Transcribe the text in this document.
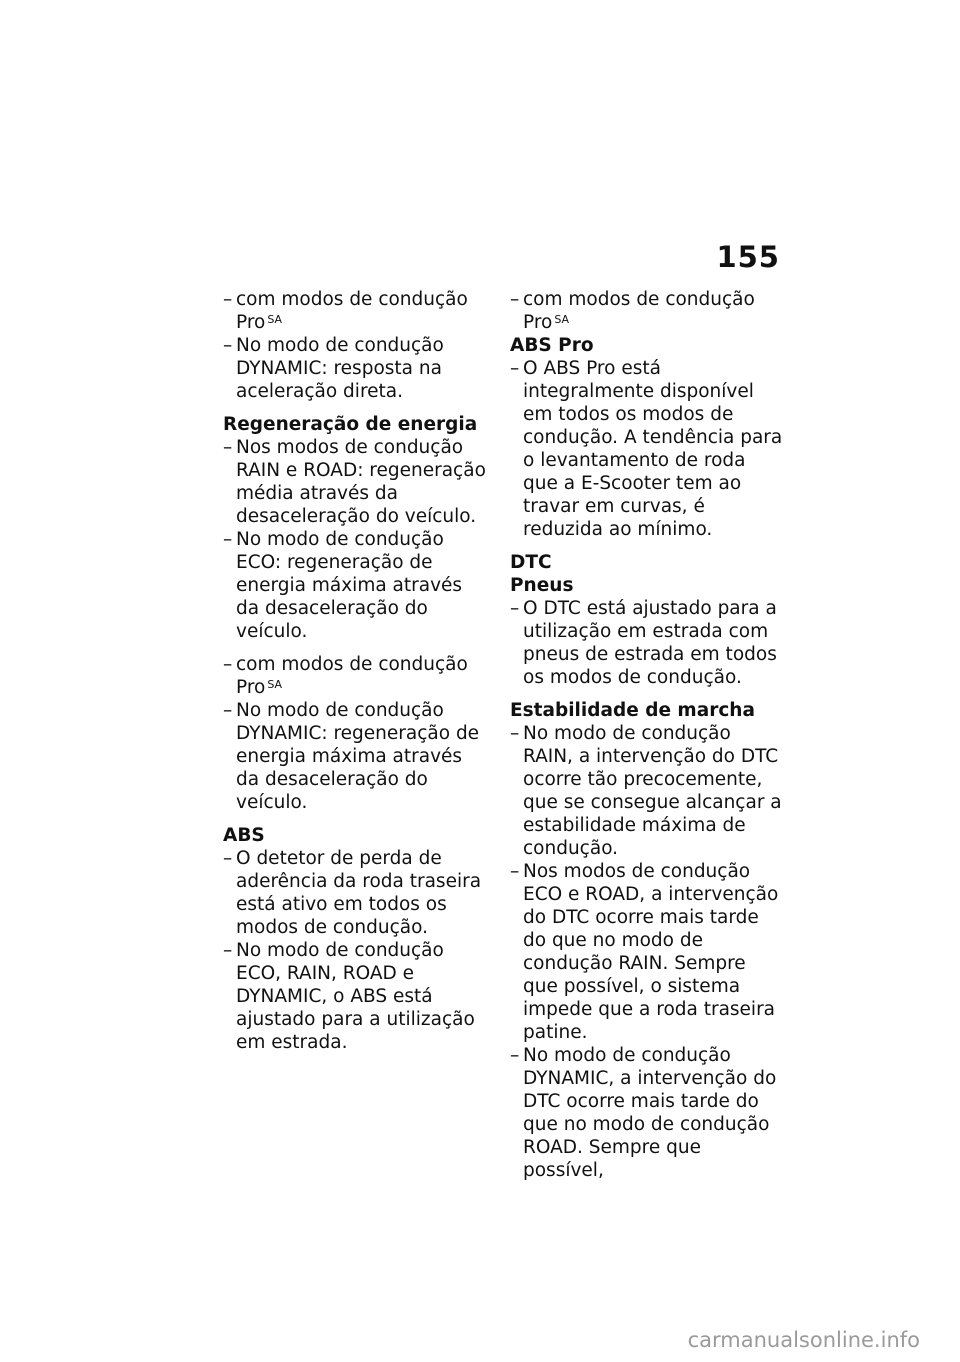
155
– com modos de condução Pro $^{SA}$
– No modo de condução DYNAMIC: resposta na aceleração direta.
Regeneração de energia
– Nos modos de condução RAIN e ROAD: regeneração média através da desaceleração do veículo.
– No modo de condução ECO: regeneração de energia máxima através da desaceleração do veículo.
– com modos de condução Pro $^{SA}$
– No modo de condução DYNAMIC: regeneração de energia máxima através da desaceleração do veículo.
ABS
– O detetor de perda de aderência da roda traseira está ativo em todos os modos de condução.
– No modo de condução ECO, RAIN, ROAD e DYNAMIC, o ABS está ajustado para a utilização em estrada.
– com modos de condução Pro $^{SA}$
ABS Pro
– O ABS Pro está integralmente disponível em todos os modos de condução. A tendência para o levantamento de roda que a E-Scooter tem ao travar em curvas, é reduzida ao mínimo.
DTC
Pneus
– O DTC está ajustado para a utilização em estrada com pneus de estrada em todos os modos de condução.
Estabilidade de marcha
– No modo de condução RAIN, a intervenção do DTC ocorre tão precocemente, que se consegue alcançar a estabilidade máxima de condução.
– Nos modos de condução ECO e ROAD, a intervenção do DTC ocorre mais tarde do que no modo de condução RAIN. Sempre que possível, o sistema impede que a roda traseira patine.
– No modo de condução DYNAMIC, a intervenção do DTC ocorre mais tarde do que no modo de condução ROAD. Sempre que possível,
carmanualsonline.info
